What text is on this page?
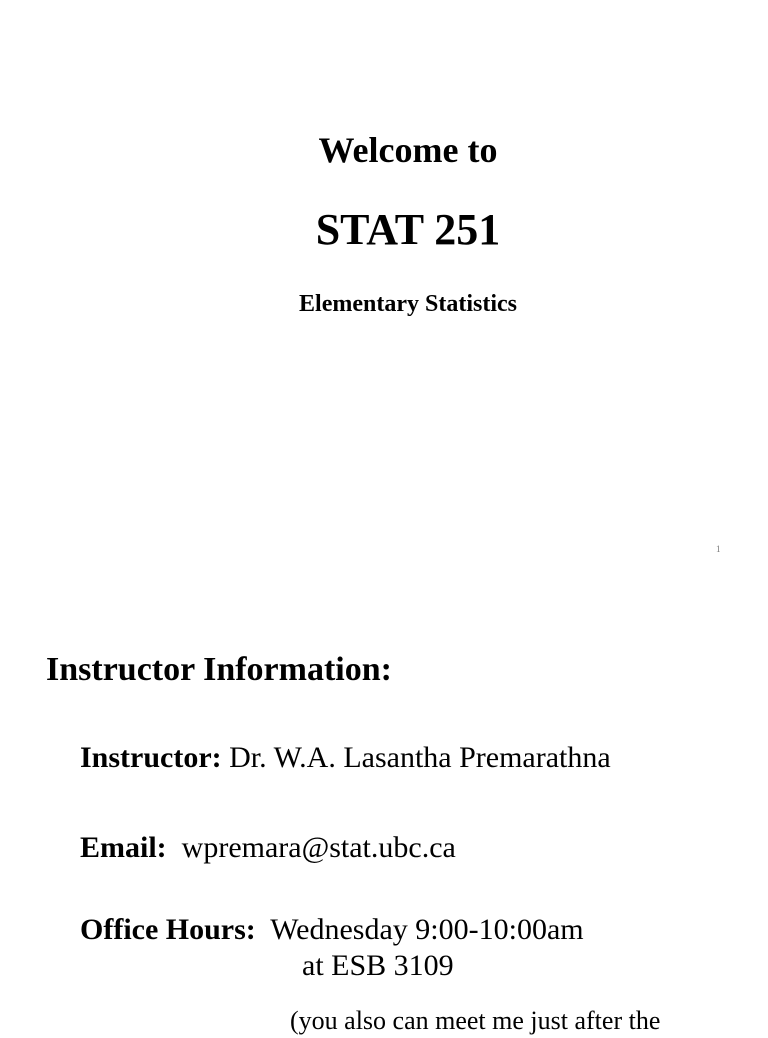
Welcome to
STAT 251
Elementary Statistics
1
Instructor Information:
Instructor: Dr. W.A. Lasantha Premarathna
Email: wpremara@stat.ubc.ca
Office Hours: Wednesday 9:00-10:00am
at ESB 3109
(you also can meet me just after the
